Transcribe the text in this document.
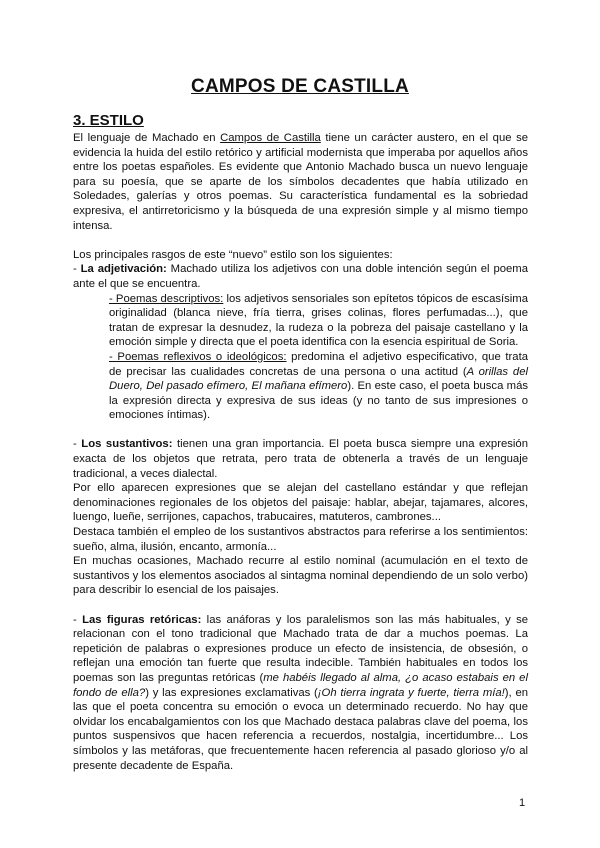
CAMPOS DE CASTILLA
3. ESTILO

El lenguaje de Machado en Campos de Castilla tiene un carácter austero, en el que se evidencia la huida del estilo retórico y artificial modernista que imperaba por aquellos años entre los poetas españoles. Es evidente que Antonio Machado busca un nuevo lenguaje para su poesía, que se aparte de los símbolos decadentes que había utilizado en Soledades, galerías y otros poemas. Su característica fundamental es la sobriedad expresiva, el antirretoricismo y la búsqueda de una expresión simple y al mismo tiempo intensa.

Los principales rasgos de este “nuevo” estilo son los siguientes:

- La adjetivación: Machado utiliza los adjetivos con una doble intención según el poema ante el que se encuentra.

- Poemas descriptivos: los adjetivos sensoriales son epítetos tópicos de escasísima originalidad (blanca nieve, fría tierra, grises colinas, flores perfumadas...), que tratan de expresar la desnudez, la rudeza o la pobreza del paisaje castellano y la emoción simple y directa que el poeta identifica con la esencia espiritual de Soria.

- Poemas reflexivos o ideológicos: predomina el adjetivo especificativo, que trata de precisar las cualidades concretas de una persona o una actitud (A orillas del Duero, Del pasado efímero, El mañana efímero). En este caso, el poeta busca más la expresión directa y expresiva de sus ideas (y no tanto de sus impresiones o emociones íntimas).

- Los sustantivos: tienen una gran importancia. El poeta busca siempre una expresión exacta de los objetos que retrata, pero trata de obtenerla a través de un lenguaje tradicional, a veces dialectal.

Por ello aparecen expresiones que se alejan del castellano estándar y que reflejan denominaciones regionales de los objetos del paisaje: hablar, abejar, tajamares, alcores, luengo, lueñe, serrijones, capachos, trabucaires, matuteros, cambrones...

Destaca también el empleo de los sustantivos abstractos para referirse a los sentimientos: sueño, alma, ilusión, encanto, armonía...

En muchas ocasiones, Machado recurre al estilo nominal (acumulación en el texto de sustantivos y los elementos asociados al sintagma nominal dependiendo de un solo verbo) para describir lo esencial de los paisajes.

- Las figuras retóricas: las anáforas y los paralelismos son las más habituales, y se relacionan con el tono tradicional que Machado trata de dar a muchos poemas. La repetición de palabras o expresiones produce un efecto de insistencia, de obsesión, o reflejan una emoción tan fuerte que resulta indecible. También habituales en todos los poemas son las preguntas retóricas (me habéis llegado al alma, ¿o acaso estabais en el fondo de ella?) y las expresiones exclamativas (¡Oh tierra ingrata y fuerte, tierra mía!), en las que el poeta concentra su emoción o evoca un determinado recuerdo. No hay que olvidar los encabalgamientos con los que Machado destaca palabras clave del poema, los puntos suspensivos que hacen referencia a recuerdos, nostalgia, incertidumbre... Los símbolos y las metáforas, que frecuentemente hacen referencia al pasado glorioso y/o al presente decadente de España.

1
